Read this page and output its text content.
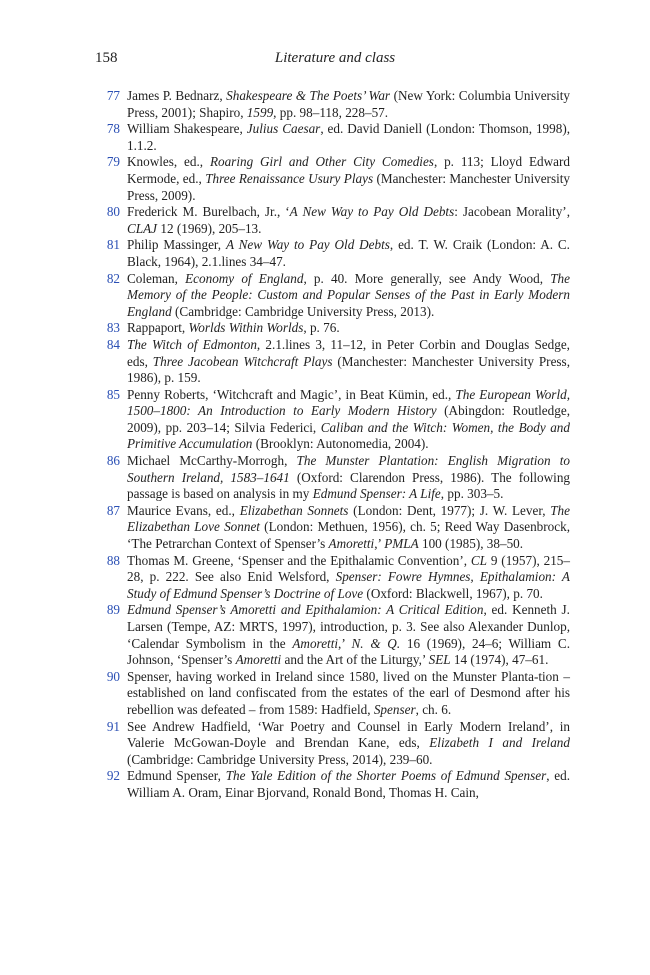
158	Literature and class
77 James P. Bednarz, Shakespeare & The Poets’ War (New York: Columbia University Press, 2001); Shapiro, 1599, pp. 98–118, 228–57.
78 William Shakespeare, Julius Caesar, ed. David Daniell (London: Thomson, 1998), 1.1.2.
79 Knowles, ed., Roaring Girl and Other City Comedies, p. 113; Lloyd Edward Kermode, ed., Three Renaissance Usury Plays (Manchester: Manchester University Press, 2009).
80 Frederick M. Burelbach, Jr., ‘A New Way to Pay Old Debts: Jacobean Morality’, CLAJ 12 (1969), 205–13.
81 Philip Massinger, A New Way to Pay Old Debts, ed. T. W. Craik (London: A. C. Black, 1964), 2.1.lines 34–47.
82 Coleman, Economy of England, p. 40. More generally, see Andy Wood, The Memory of the People: Custom and Popular Senses of the Past in Early Modern England (Cambridge: Cambridge University Press, 2013).
83 Rappaport, Worlds Within Worlds, p. 76.
84 The Witch of Edmonton, 2.1.lines 3, 11–12, in Peter Corbin and Douglas Sedge, eds, Three Jacobean Witchcraft Plays (Manchester: Manchester University Press, 1986), p. 159.
85 Penny Roberts, ‘Witchcraft and Magic’, in Beat Kümin, ed., The European World, 1500–1800: An Introduction to Early Modern History (Abingdon: Routledge, 2009), pp. 203–14; Silvia Federici, Caliban and the Witch: Women, the Body and Primitive Accumulation (Brooklyn: Autonomedia, 2004).
86 Michael McCarthy-Morrogh, The Munster Plantation: English Migration to Southern Ireland, 1583–1641 (Oxford: Clarendon Press, 1986). The following passage is based on analysis in my Edmund Spenser: A Life, pp. 303–5.
87 Maurice Evans, ed., Elizabethan Sonnets (London: Dent, 1977); J. W. Lever, The Elizabethan Love Sonnet (London: Methuen, 1956), ch. 5; Reed Way Dasenbrock, ‘The Petrarchan Context of Spenser’s Amoretti,’ PMLA 100 (1985), 38–50.
88 Thomas M. Greene, ‘Spenser and the Epithalamic Convention’, CL 9 (1957), 215–28, p. 222. See also Enid Welsford, Spenser: Fowre Hymnes, Epithalamion: A Study of Edmund Spenser’s Doctrine of Love (Oxford: Blackwell, 1967), p. 70.
89 Edmund Spenser’s Amoretti and Epithalamion: A Critical Edition, ed. Kenneth J. Larsen (Tempe, AZ: MRTS, 1997), introduction, p. 3. See also Alexander Dunlop, ‘Calendar Symbolism in the Amoretti,’ N. & Q. 16 (1969), 24–6; William C. Johnson, ‘Spenser’s Amoretti and the Art of the Liturgy,’ SEL 14 (1974), 47–61.
90 Spenser, having worked in Ireland since 1580, lived on the Munster Planta-tion –established on land confiscated from the estates of the earl of Desmond after his rebellion was defeated – from 1589: Hadfield, Spenser, ch. 6.
91 See Andrew Hadfield, ‘War Poetry and Counsel in Early Modern Ireland’, in Valerie McGowan-Doyle and Brendan Kane, eds, Elizabeth I and Ireland (Cambridge: Cambridge University Press, 2014), 239–60.
92 Edmund Spenser, The Yale Edition of the Shorter Poems of Edmund Spenser, ed. William A. Oram, Einar Bjorvand, Ronald Bond, Thomas H. Cain,
